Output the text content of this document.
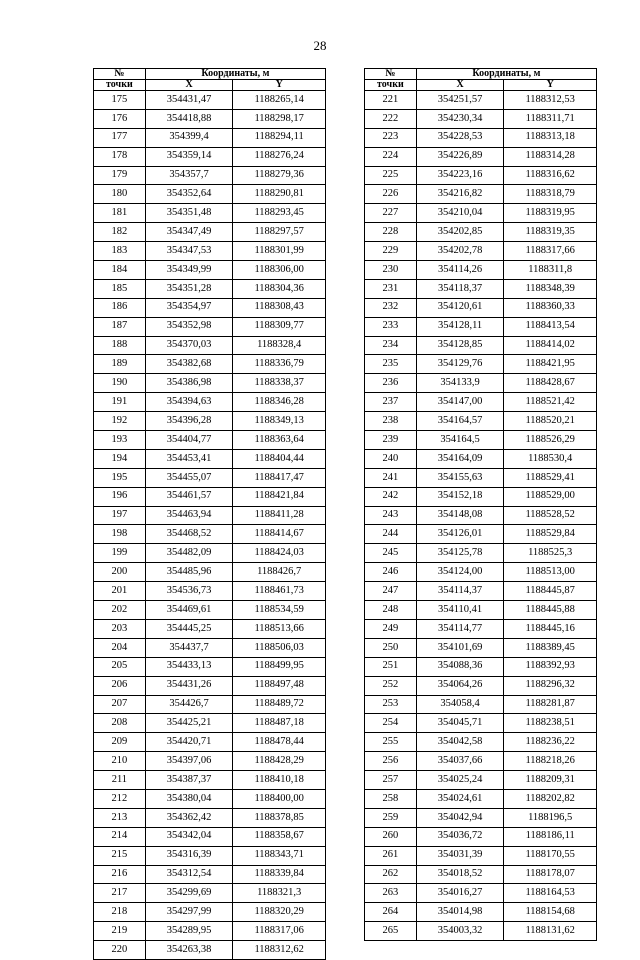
28
№	Координаты, м	
точки	X	Y
175	354431,47	1188265,14
176	354418,88	1188298,17
177	354399,4	1188294,11
178	354359,14	1188276,24
179	354357,7	1188279,36
180	354352,64	1188290,81
181	354351,48	1188293,45
182	354347,49	1188297,57
183	354347,53	1188301,99
184	354349,99	1188306,00
185	354351,28	1188304,36
186	354354,97	1188308,43
187	354352,98	1188309,77
188	354370,03	1188328,4
189	354382,68	1188336,79
190	354386,98	1188338,37
191	354394,63	1188346,28
192	354396,28	1188349,13
193	354404,77	1188363,64
194	354453,41	1188404,44
195	354455,07	1188417,47
196	354461,57	1188421,84
197	354463,94	1188411,28
198	354468,52	1188414,67
199	354482,09	1188424,03
200	354485,96	1188426,7
201	354536,73	1188461,73
202	354469,61	1188534,59
203	354445,25	1188513,66
204	354437,7	1188506,03
205	354433,13	1188499,95
206	354431,26	1188497,48
207	354426,7	1188489,72
208	354425,21	1188487,18
209	354420,71	1188478,44
210	354397,06	1188428,29
211	354387,37	1188410,18
212	354380,04	1188400,00
213	354362,42	1188378,85
214	354342,04	1188358,67
215	354316,39	1188343,71
216	354312,54	1188339,84
217	354299,69	1188321,3
218	354297,99	1188320,29
219	354289,95	1188317,06
220	354263,38	1188312,62
№	Координаты, м	
точки	X	Y
221	354251,57	1188312,53
222	354230,34	1188311,71
223	354228,53	1188313,18
224	354226,89	1188314,28
225	354223,16	1188316,62
226	354216,82	1188318,79
227	354210,04	1188319,95
228	354202,85	1188319,35
229	354202,78	1188317,66
230	354114,26	1188311,8
231	354118,37	1188348,39
232	354120,61	1188360,33
233	354128,11	1188413,54
234	354128,85	1188414,02
235	354129,76	1188421,95
236	354133,9	1188428,67
237	354147,00	1188521,42
238	354164,57	1188520,21
239	354164,5	1188526,29
240	354164,09	1188530,4
241	354155,63	1188529,41
242	354152,18	1188529,00
243	354148,08	1188528,52
244	354126,01	1188529,84
245	354125,78	1188525,3
246	354124,00	1188513,00
247	354114,37	1188445,87
248	354110,41	1188445,88
249	354114,77	1188445,16
250	354101,69	1188389,45
251	354088,36	1188392,93
252	354064,26	1188296,32
253	354058,4	1188281,87
254	354045,71	1188238,51
255	354042,58	1188236,22
256	354037,66	1188218,26
257	354025,24	1188209,31
258	354024,61	1188202,82
259	354042,94	1188196,5
260	354036,72	1188186,11
261	354031,39	1188170,55
262	354018,52	1188178,07
263	354016,27	1188164,53
264	354014,98	1188154,68
265	354003,32	1188131,62
